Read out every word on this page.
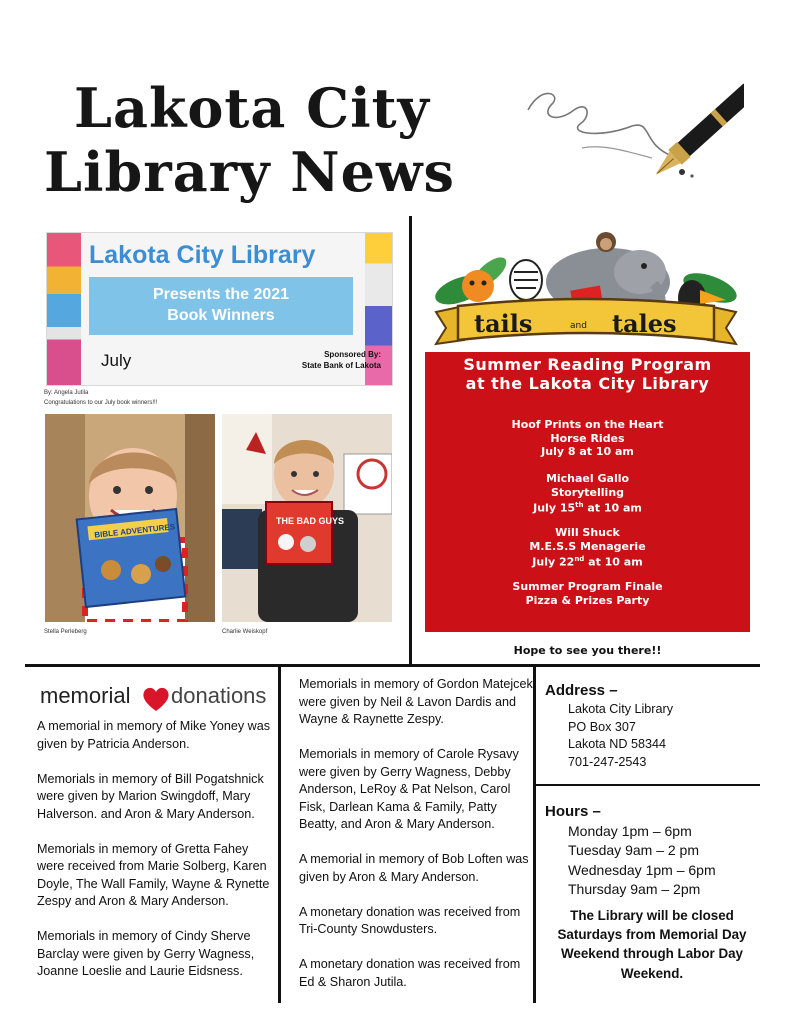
Lakota City
Library News
Lakota City Library
Presents the 2021
Book Winners
July	Sponsored By:
State Bank of Lakota
By: Angela Jutila
Congratulations to our July book winners!!!
BIBLE ADVENTURES
THE BAD GUYS
Stella Perleberg	Charlie Weiskopf
tails	and tales
Summer Reading Program
at the Lakota City Library
Hoof Prints on the Heart
Horse Rides
July 8 at 10 am
Michael Gallo
Storytelling
July 15th at 10 am
Will Shuck
M.E.S.S Menagerie
July 22nd at 10 am
Summer Program Finale
Pizza & Prizes Party
Hope to see you there!!
memorial donations

A memorial in memory of Mike Yoney was given by Patricia Anderson.

Memorials in memory of Bill Pogatshnick were given by Marion Swingdoff, Mary Halverson. and Aron & Mary Anderson.

Memorials in memory of Gretta Fahey were received from Marie Solberg, Karen Doyle, The Wall Family, Wayne & Rynette Zespy and Aron & Mary Anderson.

Memorials in memory of Cindy Sherve Barclay were given by Gerry Wagness, Joanne Loeslie and Laurie Eidsness.

Memorials in memory of Gordon Matejcek were given by Neil & Lavon Dardis and Wayne & Raynette Zespy.

Memorials in memory of Carole Rysavy were given by Gerry Wagness, Debby Anderson, LeRoy & Pat Nelson, Carol Fisk, Darlean Kama & Family, Patty Beatty, and Aron & Mary Anderson.

A memorial in memory of Bob Loften was given by Aron & Mary Anderson.

A monetary donation was received from Tri-County Snowdusters.

A monetary donation was received from Ed & Sharon Jutila.

Address –
Lakota City Library
PO Box 307
Lakota ND 58344
701-247-2543
Hours –
Monday 1pm – 6pm
Tuesday 9am – 2 pm
Wednesday 1pm – 6pm
Thursday 9am – 2pm
The Library will be closed Saturdays from Memorial Day Weekend through Labor Day Weekend.
